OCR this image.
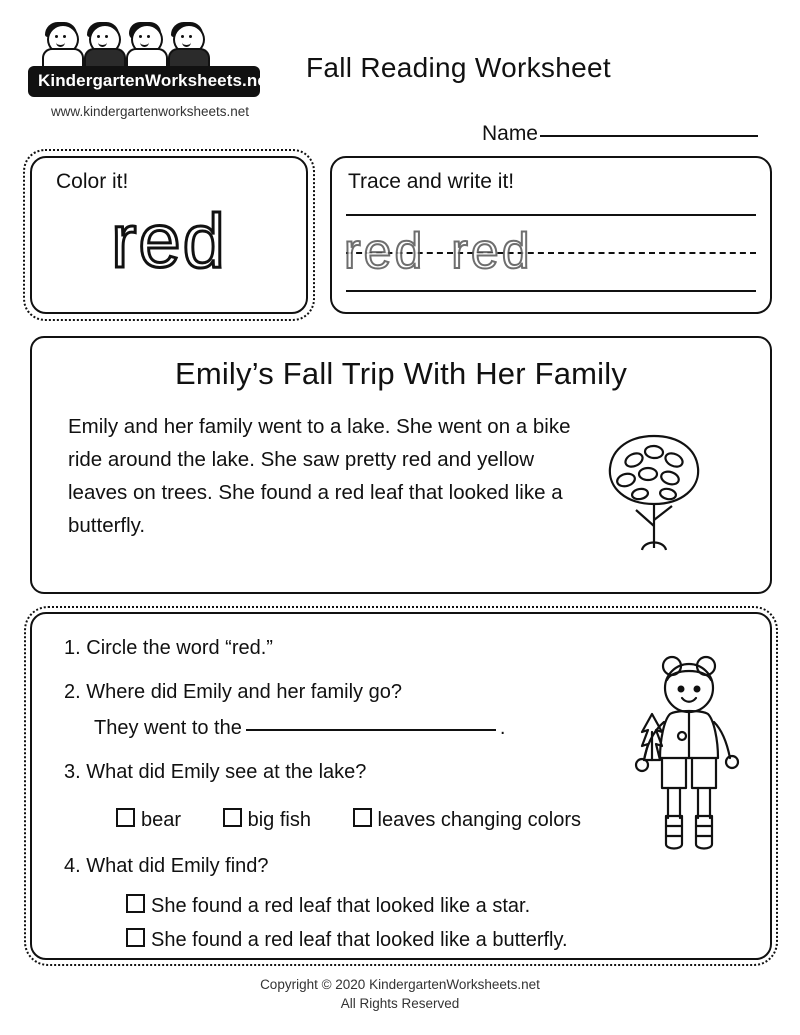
KindergartenWorksheets.net
www.kindergartenworksheets.net
Fall Reading Worksheet
Name
Color it!
red
Trace and write it!
red red
Emily’s Fall Trip With Her Family
Emily and her family went to a lake. She went on a bike ride around the lake. She saw pretty red and yellow leaves on trees. She found a red leaf that looked like a butterfly.
1. Circle the word “red.”
2. Where did Emily and her family go?
They went to the	.
3. What did Emily see at the lake?
bear	big fish	leaves changing colors
4. What did Emily find?
She found a red leaf that looked like a star.
She found a red leaf that looked like a butterfly.
Copyright © 2020 KindergartenWorksheets.net
All Rights Reserved
